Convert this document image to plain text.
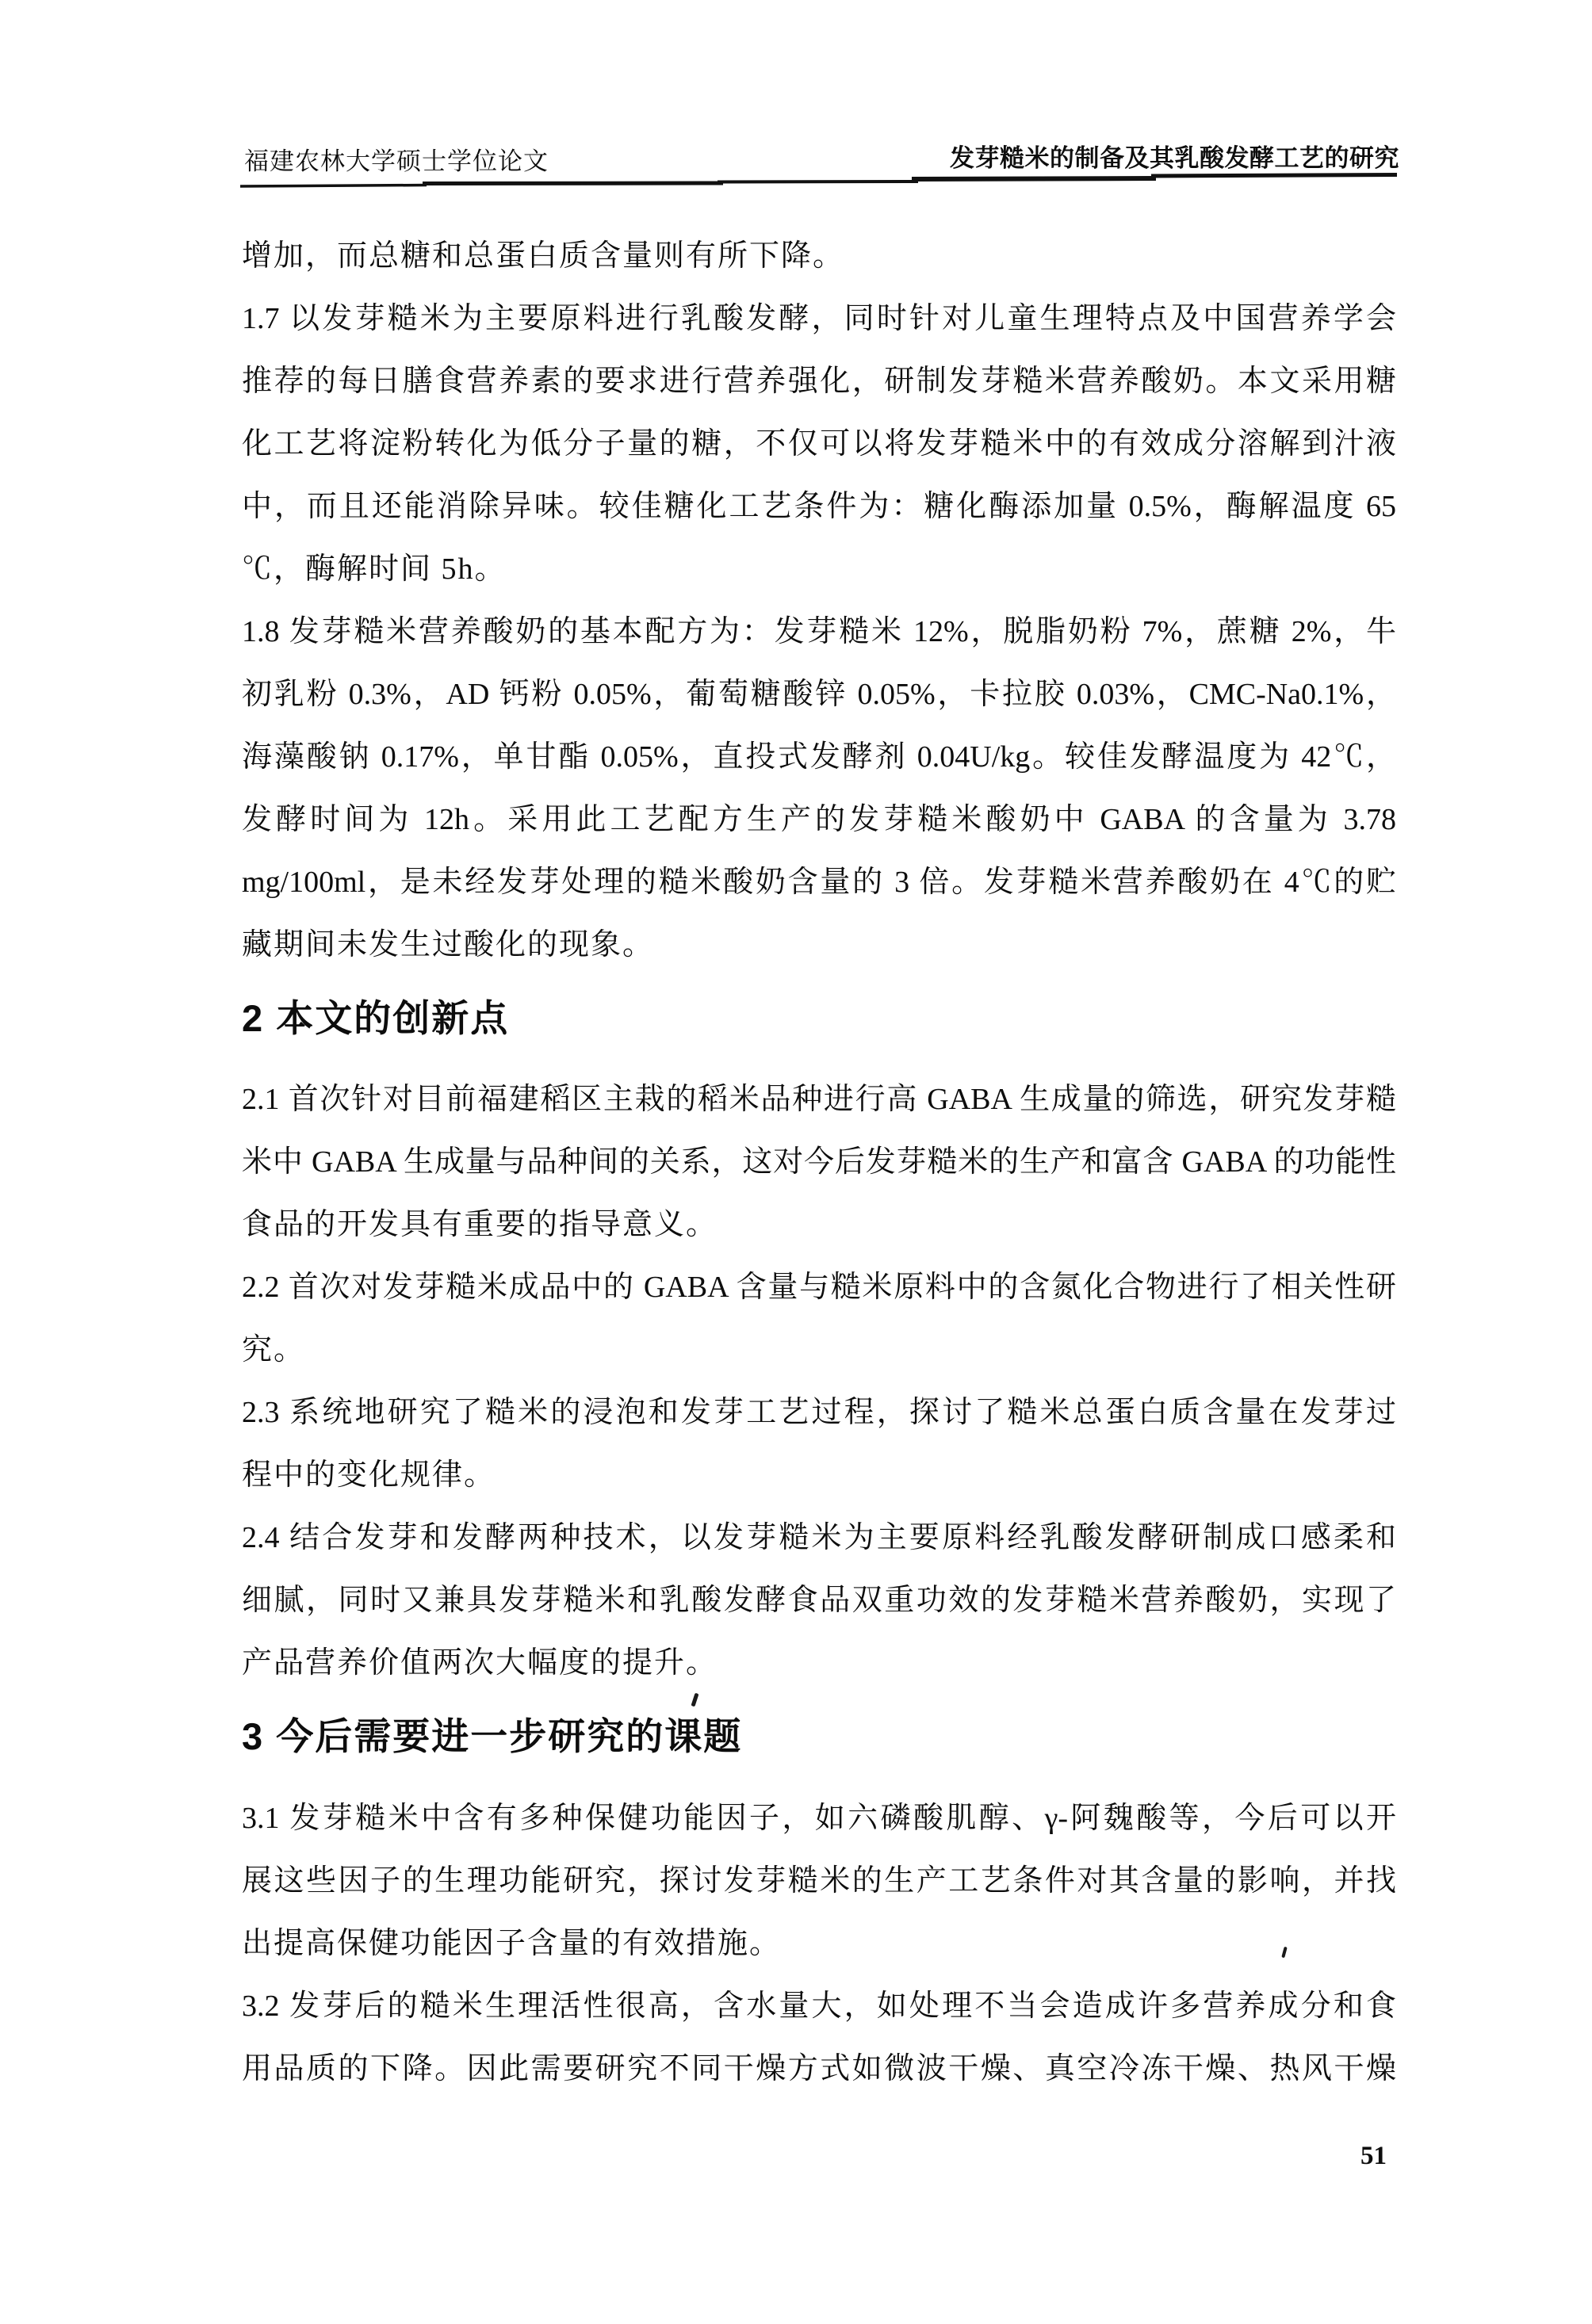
福建农林大学硕士学位论文	发芽糙米的制备及其乳酸发酵工艺的研究
增加，而总糖和总蛋白质含量则有所下降。
1.7 以发芽糙米为主要原料进行乳酸发酵，同时针对儿童生理特点及中国营养学会
推荐的每日膳食营养素的要求进行营养强化，研制发芽糙米营养酸奶。本文采用糖
化工艺将淀粉转化为低分子量的糖，不仅可以将发芽糙米中的有效成分溶解到汁液
中，而且还能消除异味。较佳糖化工艺条件为：糖化酶添加量 0.5%，酶解温度 65
℃，酶解时间 5h。
1.8 发芽糙米营养酸奶的基本配方为：发芽糙米 12%，脱脂奶粉 7%，蔗糖 2%，牛
初乳粉 0.3%，AD 钙粉 0.05%，葡萄糖酸锌 0.05%，卡拉胶 0.03%，CMC-Na0.1%，
海藻酸钠 0.17%，单甘酯 0.05%，直投式发酵剂 0.04U/kg。较佳发酵温度为 42℃，
发酵时间为 12h。采用此工艺配方生产的发芽糙米酸奶中 GABA 的含量为 3.78
mg/100ml，是未经发芽处理的糙米酸奶含量的 3 倍。发芽糙米营养酸奶在 4℃的贮
藏期间未发生过酸化的现象。
2 本文的创新点
2.1 首次针对目前福建稻区主栽的稻米品种进行高 GABA 生成量的筛选，研究发芽糙
米中 GABA 生成量与品种间的关系，这对今后发芽糙米的生产和富含 GABA 的功能性
食品的开发具有重要的指导意义。
2.2 首次对发芽糙米成品中的 GABA 含量与糙米原料中的含氮化合物进行了相关性研
究。
2.3 系统地研究了糙米的浸泡和发芽工艺过程，探讨了糙米总蛋白质含量在发芽过
程中的变化规律。
2.4 结合发芽和发酵两种技术，以发芽糙米为主要原料经乳酸发酵研制成口感柔和
细腻，同时又兼具发芽糙米和乳酸发酵食品双重功效的发芽糙米营养酸奶，实现了
产品营养价值两次大幅度的提升。
3 今后需要进一步研究的课题
3.1 发芽糙米中含有多种保健功能因子，如六磷酸肌醇、γ-阿魏酸等，今后可以开
展这些因子的生理功能研究，探讨发芽糙米的生产工艺条件对其含量的影响，并找
出提高保健功能因子含量的有效措施。
3.2 发芽后的糙米生理活性很高，含水量大，如处理不当会造成许多营养成分和食
用品质的下降。因此需要研究不同干燥方式如微波干燥、真空冷冻干燥、热风干燥
51
